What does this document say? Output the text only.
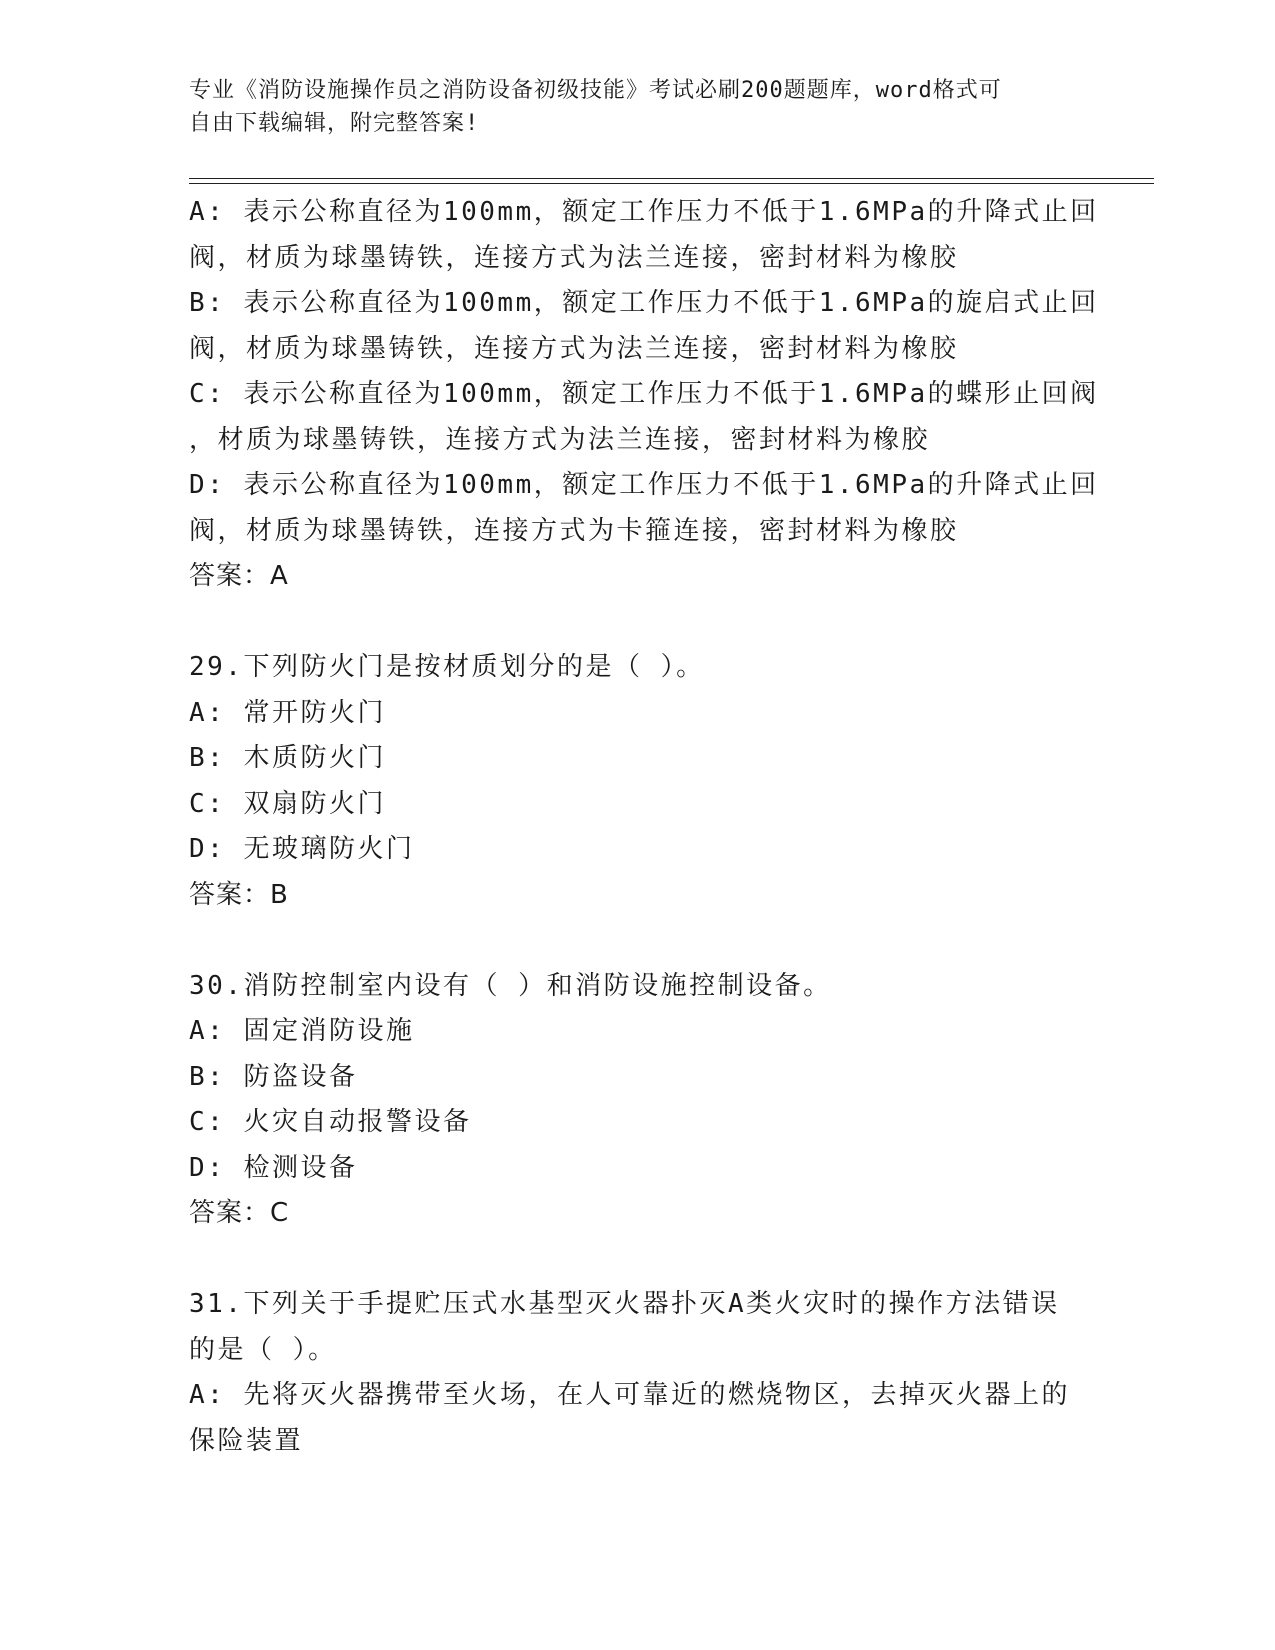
专业《消防设施操作员之消防设备初级技能》考试必刷200题题库，word格式可
自由下载编辑，附完整答案!
A: 表示公称直径为100mm，额定工作压力不低于1.6MPa的升降式止回
阀，材质为球墨铸铁，连接方式为法兰连接，密封材料为橡胶
B: 表示公称直径为100mm，额定工作压力不低于1.6MPa的旋启式止回
阀，材质为球墨铸铁，连接方式为法兰连接，密封材料为橡胶
C: 表示公称直径为100mm，额定工作压力不低于1.6MPa的蝶形止回阀
，材质为球墨铸铁，连接方式为法兰连接，密封材料为橡胶
D: 表示公称直径为100mm，额定工作压力不低于1.6MPa的升降式止回
阀，材质为球墨铸铁，连接方式为卡箍连接，密封材料为橡胶
答案：A
29.下列防火门是按材质划分的是（ ）。
A: 常开防火门
B: 木质防火门
C: 双扇防火门
D: 无玻璃防火门
答案：B
30.消防控制室内设有（ ）和消防设施控制设备。
A: 固定消防设施
B: 防盗设备
C: 火灾自动报警设备
D: 检测设备
答案：C
31.下列关于手提贮压式水基型灭火器扑灭A类火灾时的操作方法错误
的是（ ）。
A: 先将灭火器携带至火场，在人可靠近的燃烧物区，去掉灭火器上的
保险装置
